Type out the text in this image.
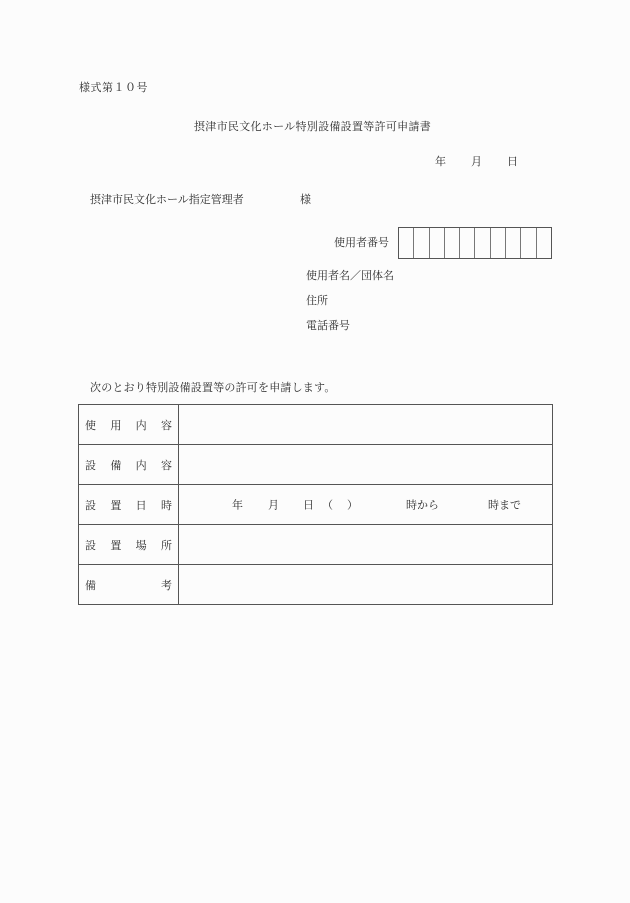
様式第１０号
摂津市民文化ホール特別設備設置等許可申請書
年 月 日
摂津市民文化ホール指定管理者	様
使用者番号
使用者名／団体名
住所
電話番号
次のとおり特別設備設置等の許可を申請します。
使 用 内 容	

設 備 内 容	

設 置 日 時	年 月 日 （ ）	時から	時まで

設 置 場 所	

備 考	
